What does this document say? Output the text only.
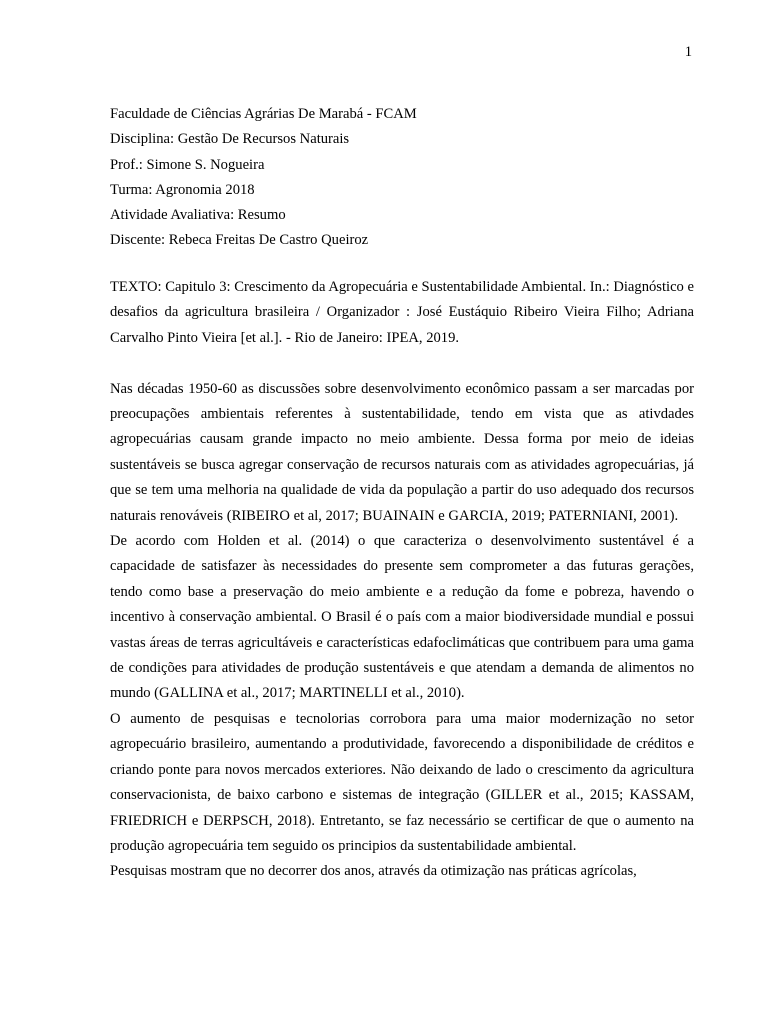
1
Faculdade de Ciências Agrárias De Marabá - FCAM
Disciplina: Gestão De Recursos Naturais
Prof.: Simone S. Nogueira
Turma: Agronomia 2018
Atividade Avaliativa: Resumo
Discente: Rebeca Freitas De Castro Queiroz

TEXTO: Capitulo 3: Crescimento da Agropecuária e Sustentabilidade Ambiental. In.: Diagnóstico e desafios da agricultura brasileira / Organizador : José Eustáquio Ribeiro Vieira Filho; Adriana Carvalho Pinto Vieira [et al.]. - Rio de Janeiro: IPEA, 2019.

Nas décadas 1950-60 as discussões sobre desenvolvimento econômico passam a ser marcadas por preocupações ambientais referentes à sustentabilidade, tendo em vista que as ativdades agropecuárias causam grande impacto no meio ambiente. Dessa forma por meio de ideias sustentáveis se busca agregar conservação de recursos naturais com as atividades agropecuárias, já que se tem uma melhoria na qualidade de vida da população a partir do uso adequado dos recursos naturais renováveis (RIBEIRO et al, 2017; BUAINAIN e GARCIA, 2019; PATERNIANI, 2001).

De acordo com Holden et al. (2014) o que caracteriza o desenvolvimento sustentável é a capacidade de satisfazer às necessidades do presente sem comprometer a das futuras gerações, tendo como base a preservação do meio ambiente e a redução da fome e pobreza, havendo o incentivo à conservação ambiental. O Brasil é o país com a maior biodiversidade mundial e possui vastas áreas de terras agricultáveis e características edafoclimáticas que contribuem para uma gama de condições para atividades de produção sustentáveis e que atendam a demanda de alimentos no mundo (GALLINA et al., 2017; MARTINELLI et al., 2010).

O aumento de pesquisas e tecnolorias corrobora para uma maior modernização no setor agropecuário brasileiro, aumentando a produtividade, favorecendo a disponibilidade de créditos e criando ponte para novos mercados exteriores. Não deixando de lado o crescimento da agricultura conservacionista, de baixo carbono e sistemas de integração (GILLER et al., 2015; KASSAM, FRIEDRICH e DERPSCH, 2018). Entretanto, se faz necessário se certificar de que o aumento na produção agropecuária tem seguido os principios da sustentabilidade ambiental.

Pesquisas mostram que no decorrer dos anos, através da otimização nas práticas agrícolas,
